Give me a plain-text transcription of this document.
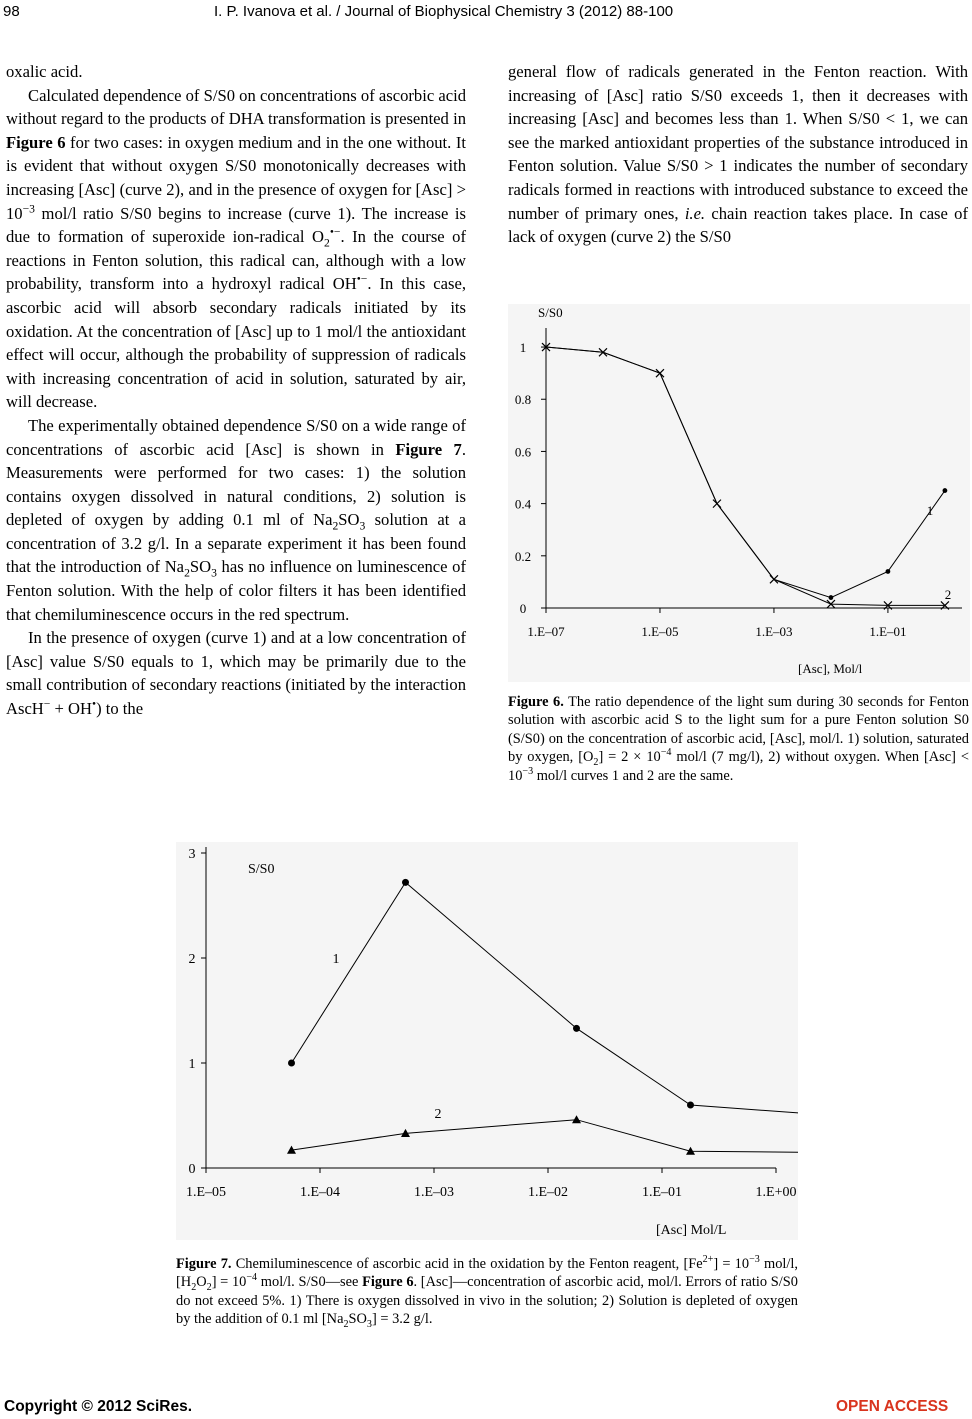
98	I. P. Ivanova et al. / Journal of Biophysical Chemistry 3 (2012) 88-100

oxalic acid.

Calculated dependence of S/S0 on concentrations of ascorbic acid without regard to the products of DHA transformation is presented in Figure 6 for two cases: in oxygen medium and in the one without. It is evident that without oxygen S/S0 monotonically decreases with increasing [Asc] (curve 2), and in the presence of oxygen for $[Asc] > 10^{-3}$ mol/l ratio S/S0 begins to increase (curve 1). The increase is due to formation of superoxide ion-radical $O_2^{•-}$. In the course of reactions in Fenton solution, this radical can, although with a low probability, transform into a hydroxyl radical OH•−. In this case, ascorbic acid will absorb secondary radicals initiated by its oxidation. At the concentration of [Asc] up to 1 mol/l the antioxidant effect will occur, although the probability of suppression of radicals with increasing concentration of acid in solution, saturated by air, will decrease.

The experimentally obtained dependence S/S0 on a wide range of concentrations of ascorbic acid [Asc] is shown in Figure 7. Measurements were performed for two cases: 1) the solution contains oxygen dissolved in natural conditions, 2) solution is depleted of oxygen by adding 0.1 ml of $Na_2SO_3$ solution at a concentration of 3.2 g/l. In a separate experiment it has been found that the introduction of $Na_2SO_3$ has no influence on luminescence of Fenton solution. With the help of color filters it has been identified that chemiluminescence occurs in the red spectrum.

In the presence of oxygen (curve 1) and at a low concentration of [Asc] value S/S0 equals to 1, which may be primarily due to the small contribution of secondary reactions (initiated by the interaction AscH− + OH•) to the

general flow of radicals generated in the Fenton reaction. With increasing of [Asc] ratio S/S0 exceeds 1, then it decreases with increasing [Asc] and becomes less than 1. When S/S0 < 1, we can see the marked antioxidant properties of the substance introduced in Fenton solution. Value S/S0 > 1 indicates the number of secondary radicals formed in reactions with introduced substance to exceed the number of primary ones, i.e. chain reaction takes place. In case of lack of oxygen (curve 2) the S/S0

0
0.2
0.4
0.6
0.8
1
1.E–07	1.E–05	1.E–03	1.E–01
S/S0
[Asc], Mol/l
1
2
Figure 6. The ratio dependence of the light sum during 30 seconds for Fenton solution with ascorbic acid S to the light sum for a pure Fenton solution S0 (S/S0) on the concentration of ascorbic acid, [Asc], mol/l. 1) solution, saturated by oxygen, $[O_2] = 2 \times 10^{-4}$ mol/l (7 mg/l), 2) without oxygen. When $[Asc] < 10^{-3}$ mol/l curves 1 and 2 are the same.
0
1
2
3
1.E–05	1.E–04	1.E–03	1.E–02	1.E–01	1.E+00
S/S0
[Asc] Mol/L
1
2
Figure 7. Chemiluminescence of ascorbic acid in the oxidation by the Fenton reagent, $[Fe^{2+}] = 10^{-3}$ mol/l, $[H_2O_2] = 10^{-4}$ mol/l. S/S0—see Figure 6. [Asc]—concentration of ascorbic acid, mol/l. Errors of ratio S/S0 do not exceed 5%. 1) There is oxygen dissolved in vivo in the solution; 2) Solution is depleted of oxygen by the addition of 0.1 ml $[Na_2SO_3] = 3.2$ g/l.
Copyright © 2012 SciRes.	OPEN ACCESS
